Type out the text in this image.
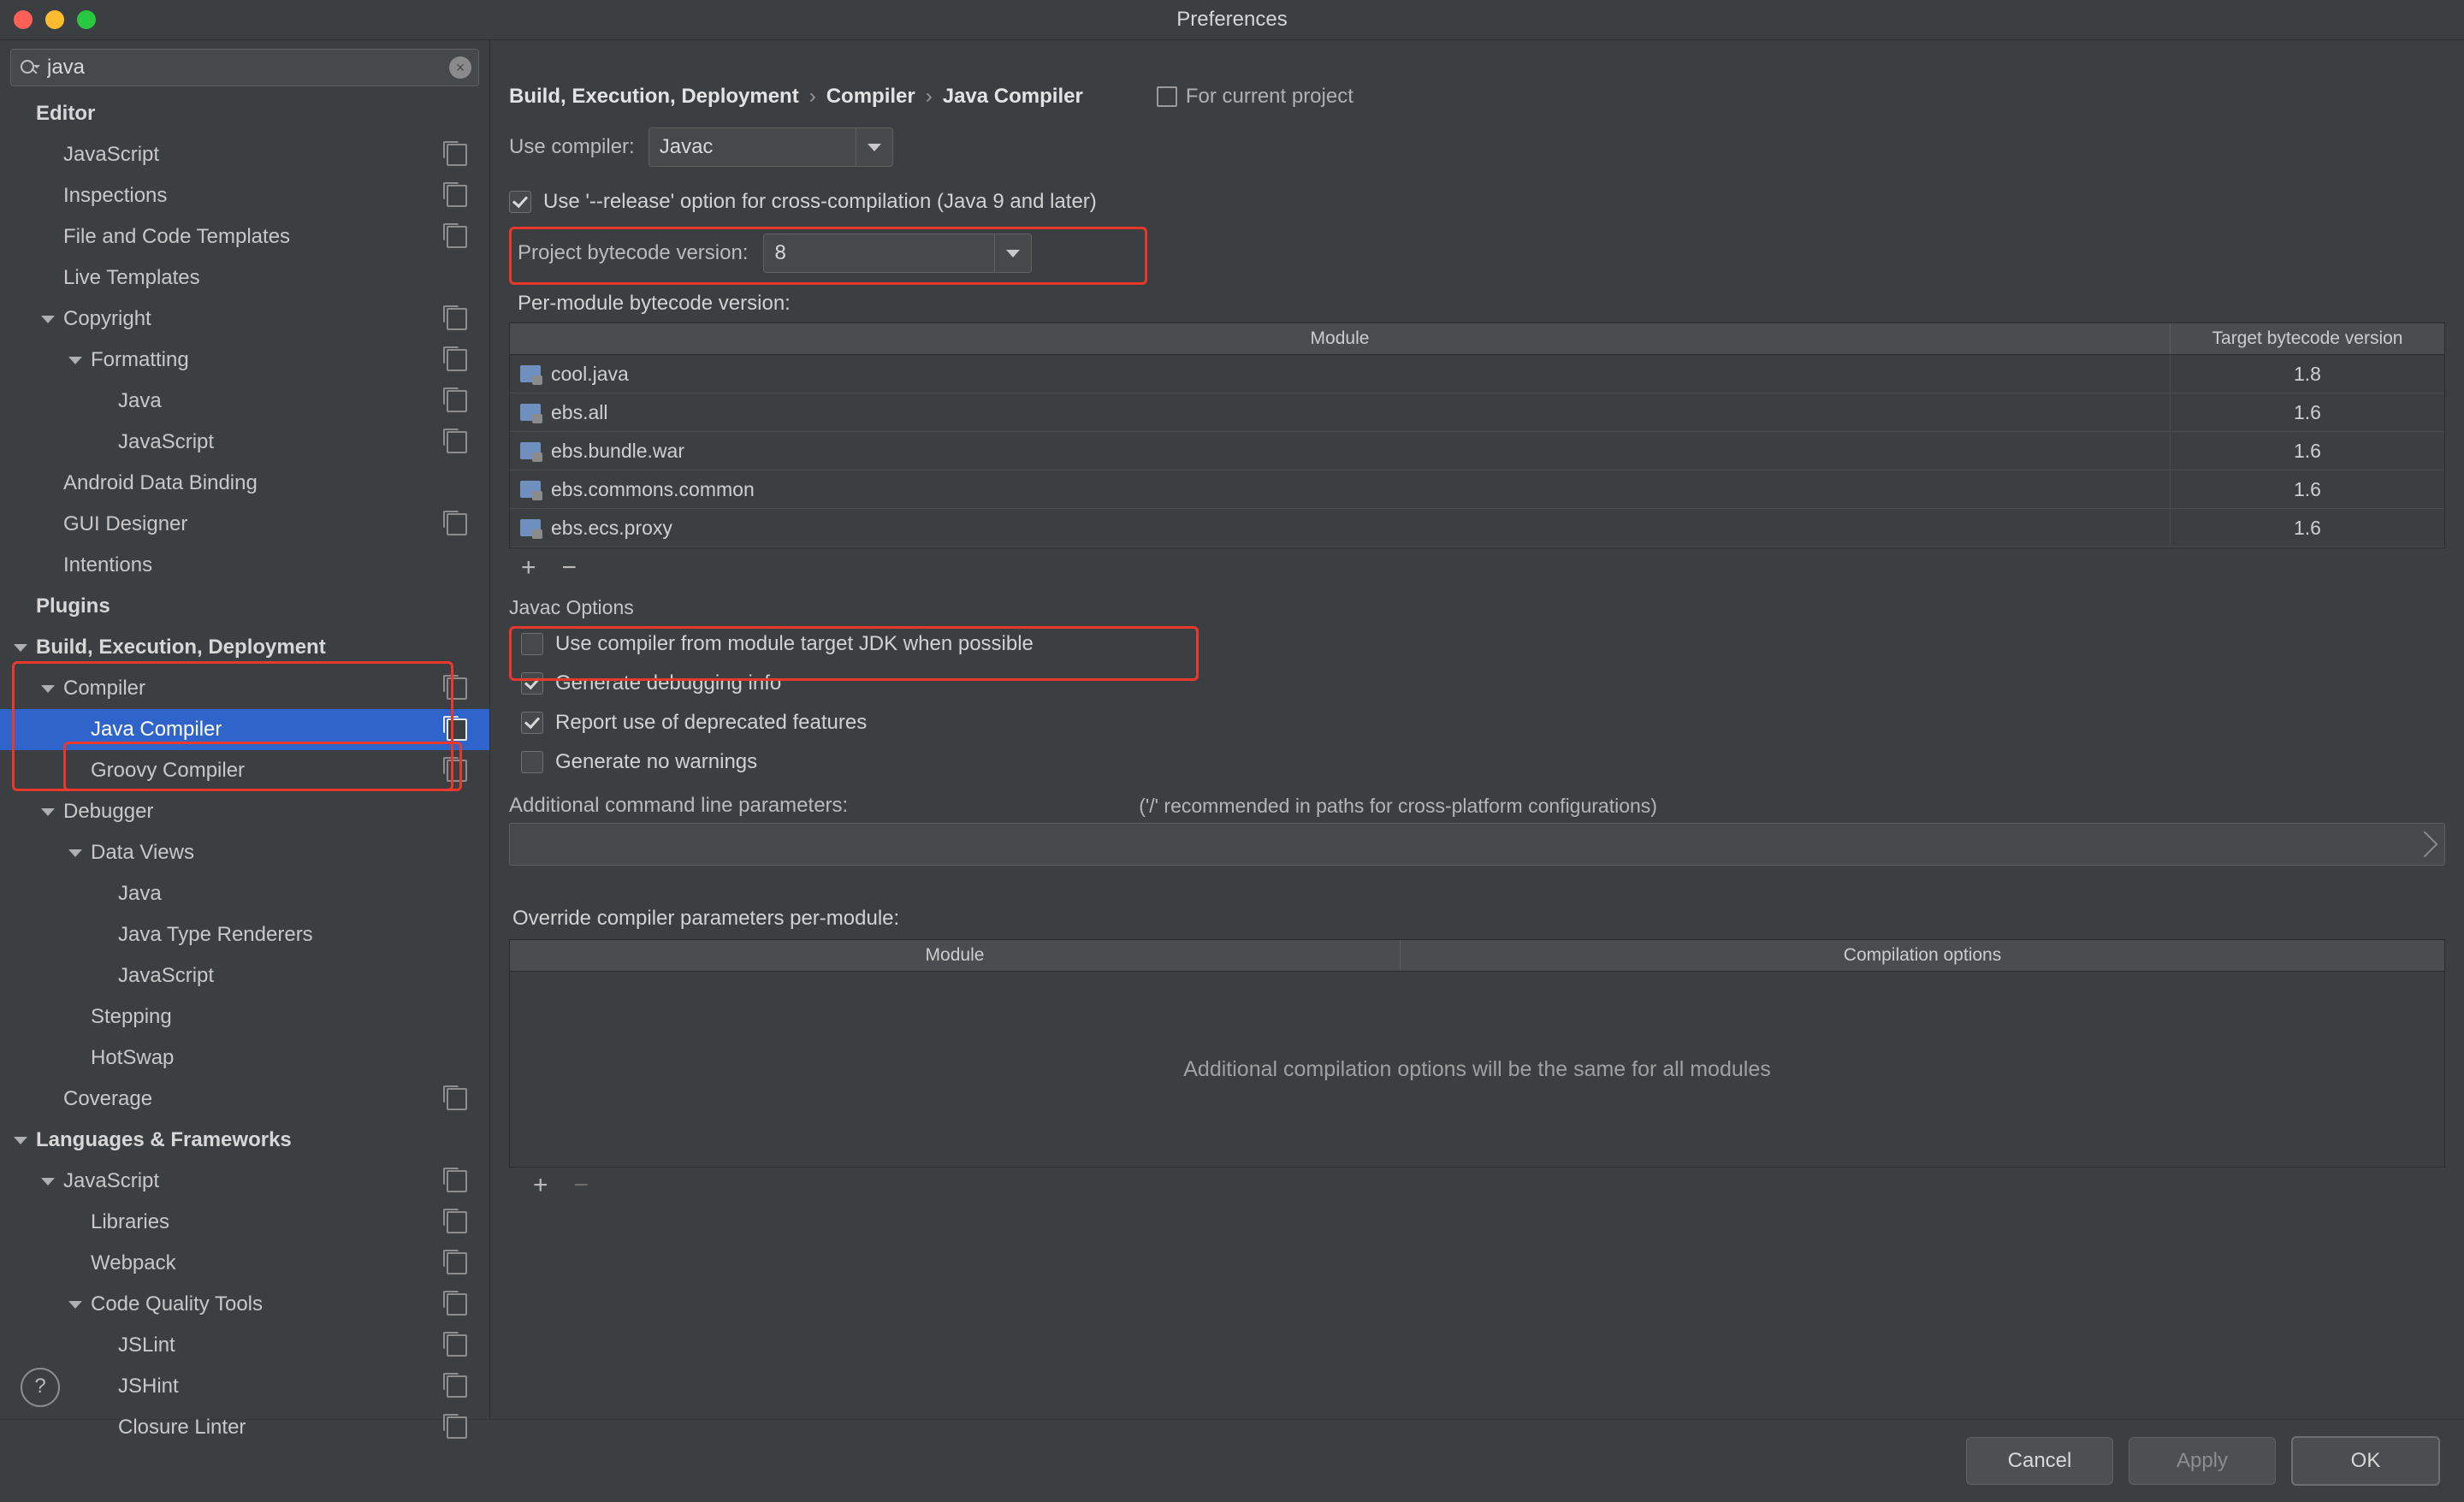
Preferences
java
×
Editor
JavaScript
Inspections
File and Code Templates
Live Templates
Copyright
Formatting
Java
JavaScript
Android Data Binding
GUI Designer
Intentions
Plugins
Build, Execution, Deployment
Compiler
Java Compiler
Groovy Compiler
Debugger
Data Views
Java
Java Type Renderers
JavaScript
Stepping
HotSwap
Coverage
Languages & Frameworks
JavaScript
Libraries
Webpack
Code Quality Tools
JSLint
JSHint
Closure Linter
?
Build, Execution, Deployment › Compiler › Java Compiler	For current project
Use compiler: Javac
Use '--release' option for cross-compilation (Java 9 and later)
Project bytecode version: 8
Per-module bytecode version:
Module	Target bytecode version
cool.java	1.8
ebs.all	1.6
ebs.bundle.war	1.6
ebs.commons.common	1.6
ebs.ecs.proxy	1.6
+ −
Javac Options
Use compiler from module target JDK when possible
Generate debugging info
Report use of deprecated features
Generate no warnings
Additional command line parameters:	('/' recommended in paths for cross-platform configurations)
Override compiler parameters per-module:
Module	Compilation options
Additional compilation options will be the same for all modules
+ −
Cancel	Apply	OK
